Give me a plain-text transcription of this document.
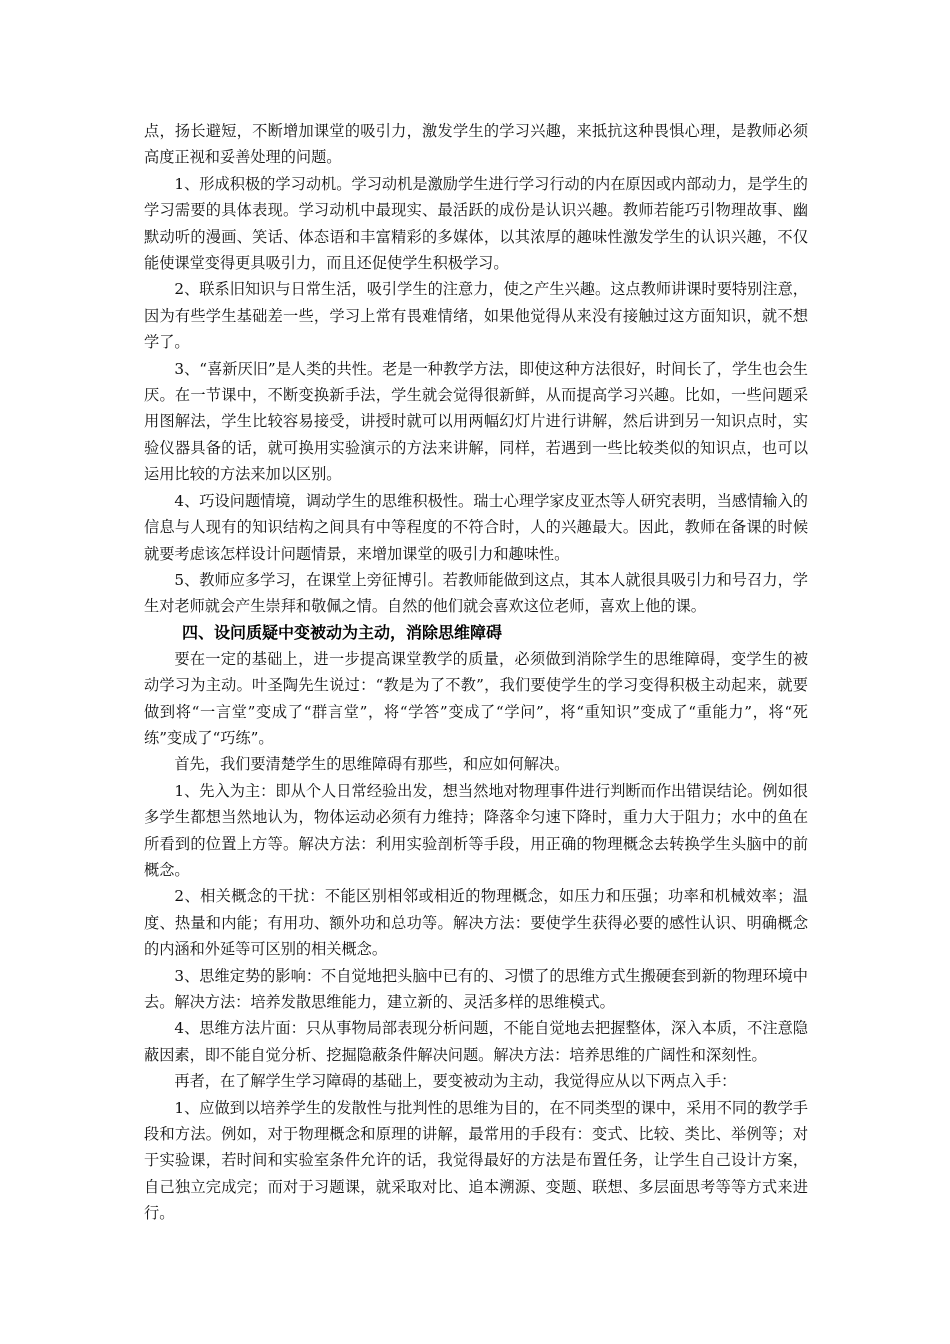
点，扬长避短，不断增加课堂的吸引力，激发学生的学习兴趣，来抵抗这种畏惧心理，是教师必须高度正视和妥善处理的问题。

1、形成积极的学习动机。学习动机是激励学生进行学习行动的内在原因或内部动力，是学生的学习需要的具体表现。学习动机中最现实、最活跃的成份是认识兴趣。教师若能巧引物理故事、幽默动听的漫画、笑话、体态语和丰富精彩的多媒体，以其浓厚的趣味性激发学生的认识兴趣，不仅能使课堂变得更具吸引力，而且还促使学生积极学习。

2、联系旧知识与日常生活，吸引学生的注意力，使之产生兴趣。这点教师讲课时要特别注意，因为有些学生基础差一些，学习上常有畏难情绪，如果他觉得从来没有接触过这方面知识，就不想学了。

3、“喜新厌旧”是人类的共性。老是一种教学方法，即使这种方法很好，时间长了，学生也会生厌。在一节课中，不断变换新手法，学生就会觉得很新鲜，从而提高学习兴趣。比如，一些问题采用图解法，学生比较容易接受，讲授时就可以用两幅幻灯片进行讲解，然后讲到另一知识点时，实验仪器具备的话，就可换用实验演示的方法来讲解，同样，若遇到一些比较类似的知识点，也可以运用比较的方法来加以区别。

4、巧设问题情境，调动学生的思维积极性。瑞士心理学家皮亚杰等人研究表明，当感情输入的信息与人现有的知识结构之间具有中等程度的不符合时，人的兴趣最大。因此，教师在备课的时候就要考虑该怎样设计问题情景，来增加课堂的吸引力和趣味性。

5、教师应多学习，在课堂上旁征博引。若教师能做到这点，其本人就很具吸引力和号召力，学生对老师就会产生崇拜和敬佩之情。自然的他们就会喜欢这位老师，喜欢上他的课。

四、设问质疑中变被动为主动，消除思维障碍

要在一定的基础上，进一步提高课堂教学的质量，必须做到消除学生的思维障碍，变学生的被动学习为主动。叶圣陶先生说过：“教是为了不教”，我们要使学生的学习变得积极主动起来，就要做到将“一言堂”变成了“群言堂”，将“学答”变成了“学问”，将“重知识”变成了“重能力”，将“死练”变成了“巧练”。

首先，我们要清楚学生的思维障碍有那些，和应如何解决。

1、先入为主：即从个人日常经验出发，想当然地对物理事件进行判断而作出错误结论。例如很多学生都想当然地认为，物体运动必须有力维持；降落伞匀速下降时，重力大于阻力；水中的鱼在所看到的位置上方等。解决方法：利用实验剖析等手段，用正确的物理概念去转换学生头脑中的前概念。

2、相关概念的干扰：不能区别相邻或相近的物理概念，如压力和压强；功率和机械效率；温度、热量和内能；有用功、额外功和总功等。解决方法：要使学生获得必要的感性认识、明确概念的内涵和外延等可区别的相关概念。

3、思维定势的影响：不自觉地把头脑中已有的、习惯了的思维方式生搬硬套到新的物理环境中去。解决方法：培养发散思维能力，建立新的、灵活多样的思维模式。

4、思维方法片面：只从事物局部表现分析问题，不能自觉地去把握整体，深入本质，不注意隐蔽因素，即不能自觉分析、挖掘隐蔽条件解决问题。解决方法：培养思维的广阔性和深刻性。

再者，在了解学生学习障碍的基础上，要变被动为主动，我觉得应从以下两点入手：

1、应做到以培养学生的发散性与批判性的思维为目的，在不同类型的课中，采用不同的教学手段和方法。例如，对于物理概念和原理的讲解，最常用的手段有：变式、比较、类比、举例等；对于实验课，若时间和实验室条件允许的话，我觉得最好的方法是布置任务，让学生自己设计方案，自己独立完成完；而对于习题课，就采取对比、追本溯源、变题、联想、多层面思考等等方式来进行。
